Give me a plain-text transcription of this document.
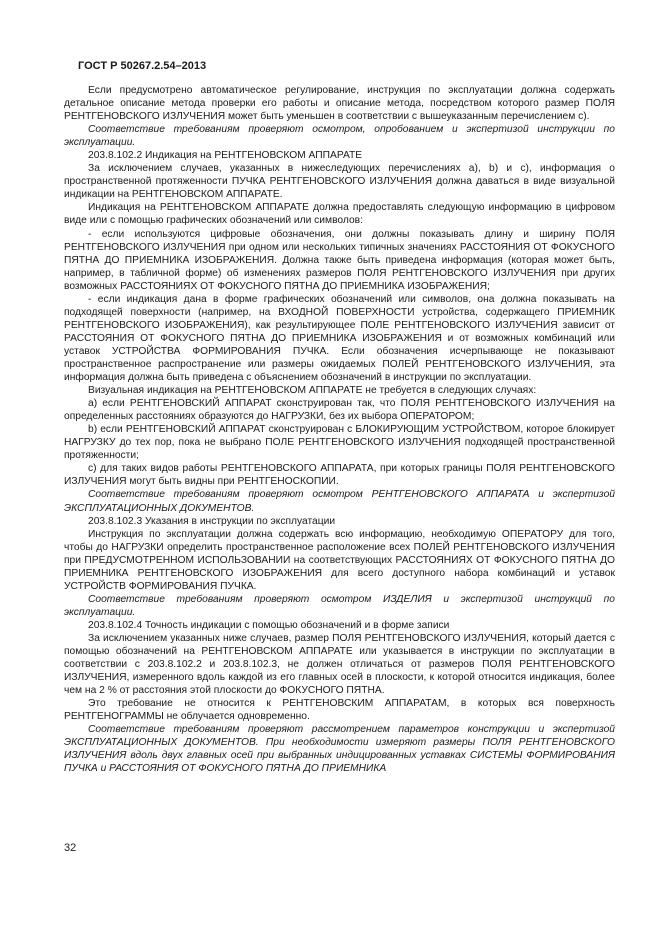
ГОСТ Р 50267.2.54–2013

Если предусмотрено автоматическое регулирование, инструкция по эксплуатации должна содержать детальное описание метода проверки его работы и описание метода, посредством которого размер ПОЛЯ РЕНТГЕНОВСКОГО ИЗЛУЧЕНИЯ может быть уменьшен в соответствии с вышеуказанным перечислением с).

Соответствие требованиям проверяют осмотром, опробованием и экспертизой инструкции по эксплуатации.

203.8.102.2 Индикация на РЕНТГЕНОВСКОМ АППАРАТЕ

За исключением случаев, указанных в нижеследующих перечислениях a), b) и с), информация о пространственной протяженности ПУЧКА РЕНТГЕНОВСКОГО ИЗЛУЧЕНИЯ должна даваться в виде визуальной индикации на РЕНТГЕНОВСКОМ АППАРАТЕ.

Индикация на РЕНТГЕНОВСКОМ АППАРАТЕ должна предоставлять следующую информацию в цифровом виде или с помощью графических обозначений или символов:

- если используются цифровые обозначения, они должны показывать длину и ширину ПОЛЯ РЕНТГЕНОВСКОГО ИЗЛУЧЕНИЯ при одном или нескольких типичных значениях РАССТОЯНИЯ ОТ ФОКУСНОГО ПЯТНА ДО ПРИЕМНИКА ИЗОБРАЖЕНИЯ. Должна также быть приведена информация (которая может быть, например, в табличной форме) об изменениях размеров ПОЛЯ РЕНТГЕНОВСКОГО ИЗЛУЧЕНИЯ при других возможных РАССТОЯНИЯХ ОТ ФОКУСНОГО ПЯТНА ДО ПРИЕМНИКА ИЗОБРАЖЕНИЯ;

- если индикация дана в форме графических обозначений или символов, она должна показывать на подходящей поверхности (например, на ВХОДНОЙ ПОВЕРХНОСТИ устройства, содержащего ПРИЕМНИК РЕНТГЕНОВСКОГО ИЗОБРАЖЕНИЯ), как результирующее ПОЛЕ РЕНТГЕНОВСКОГО ИЗЛУЧЕНИЯ зависит от РАССТОЯНИЯ ОТ ФОКУСНОГО ПЯТНА ДО ПРИЕМНИКА ИЗОБРАЖЕНИЯ и от возможных комбинаций или уставок УСТРОЙСТВА ФОРМИРОВАНИЯ ПУЧКА. Если обозначения исчерпывающе не показывают пространственное распространение или размеры ожидаемых ПОЛЕЙ РЕНТГЕНОВСКОГО ИЗЛУЧЕНИЯ, эта информация должна быть приведена с объяснением обозначений в инструкции по эксплуатации.

Визуальная индикация на РЕНТГЕНОВСКОМ АППАРАТЕ не требуется в следующих случаях:

а) если РЕНТГЕНОВСКИЙ АППАРАТ сконструирован так, что ПОЛЯ РЕНТГЕНОВСКОГО ИЗЛУЧЕНИЯ на определенных расстояниях образуются до НАГРУЗКИ, без их выбора ОПЕРАТОРОМ;

b) если РЕНТГЕНОВСКИЙ АППАРАТ сконструирован с БЛОКИРУЮЩИМ УСТРОЙСТВОМ, которое блокирует НАГРУЗКУ до тех пор, пока не выбрано ПОЛЕ РЕНТГЕНОВСКОГО ИЗЛУЧЕНИЯ подходящей пространственной протяженности;

с) для таких видов работы РЕНТГЕНОВСКОГО АППАРАТА, при которых границы ПОЛЯ РЕНТГЕНОВСКОГО ИЗЛУЧЕНИЯ могут быть видны при РЕНТГЕНОСКОПИИ.

Соответствие требованиям проверяют осмотром РЕНТГЕНОВСКОГО АППАРАТА и экспертизой ЭКСПЛУАТАЦИОННЫХ ДОКУМЕНТОВ.

203.8.102.3 Указания в инструкции по эксплуатации

Инструкция по эксплуатации должна содержать всю информацию, необходимую ОПЕРАТОРУ для того, чтобы до НАГРУЗКИ определить пространственное расположение всех ПОЛЕЙ РЕНТГЕНОВСКОГО ИЗЛУЧЕНИЯ при ПРЕДУСМОТРЕННОМ ИСПОЛЬЗОВАНИИ на соответствующих РАССТОЯНИЯХ ОТ ФОКУСНОГО ПЯТНА ДО ПРИЕМНИКА РЕНТГЕНОВСКОГО ИЗОБРАЖЕНИЯ для всего доступного набора комбинаций и уставок УСТРОЙСТВ ФОРМИРОВАНИЯ ПУЧКА.

Соответствие требованиям проверяют осмотром ИЗДЕЛИЯ и экспертизой инструкций по эксплуатации.

203.8.102.4 Точность индикации с помощью обозначений и в форме записи

За исключением указанных ниже случаев, размер ПОЛЯ РЕНТГЕНОВСКОГО ИЗЛУЧЕНИЯ, который дается с помощью обозначений на РЕНТГЕНОВСКОМ АППАРАТЕ или указывается в инструкции по эксплуатации в соответствии с 203.8.102.2 и 203.8.102.3, не должен отличаться от размеров ПОЛЯ РЕНТГЕНОВСКОГО ИЗЛУЧЕНИЯ, измеренного вдоль каждой из его главных осей в плоскости, к которой относится индикация, более чем на 2 % от расстояния этой плоскости до ФОКУСНОГО ПЯТНА.

Это требование не относится к РЕНТГЕНОВСКИМ АППАРАТАМ, в которых вся поверхность РЕНТГЕНОГРАММЫ не облучается одновременно.

Соответствие требованиям проверяют рассмотрением параметров конструкции и экспертизой ЭКСПЛУАТАЦИОННЫХ ДОКУМЕНТОВ. При необходимости измеряют размеры ПОЛЯ РЕНТГЕНОВСКОГО ИЗЛУЧЕНИЯ вдоль двух главных осей при выбранных индицированных уставках СИСТЕМЫ ФОРМИРОВАНИЯ ПУЧКА и РАССТОЯНИЯ ОТ ФОКУСНОГО ПЯТНА ДО ПРИЕМНИКА

32
